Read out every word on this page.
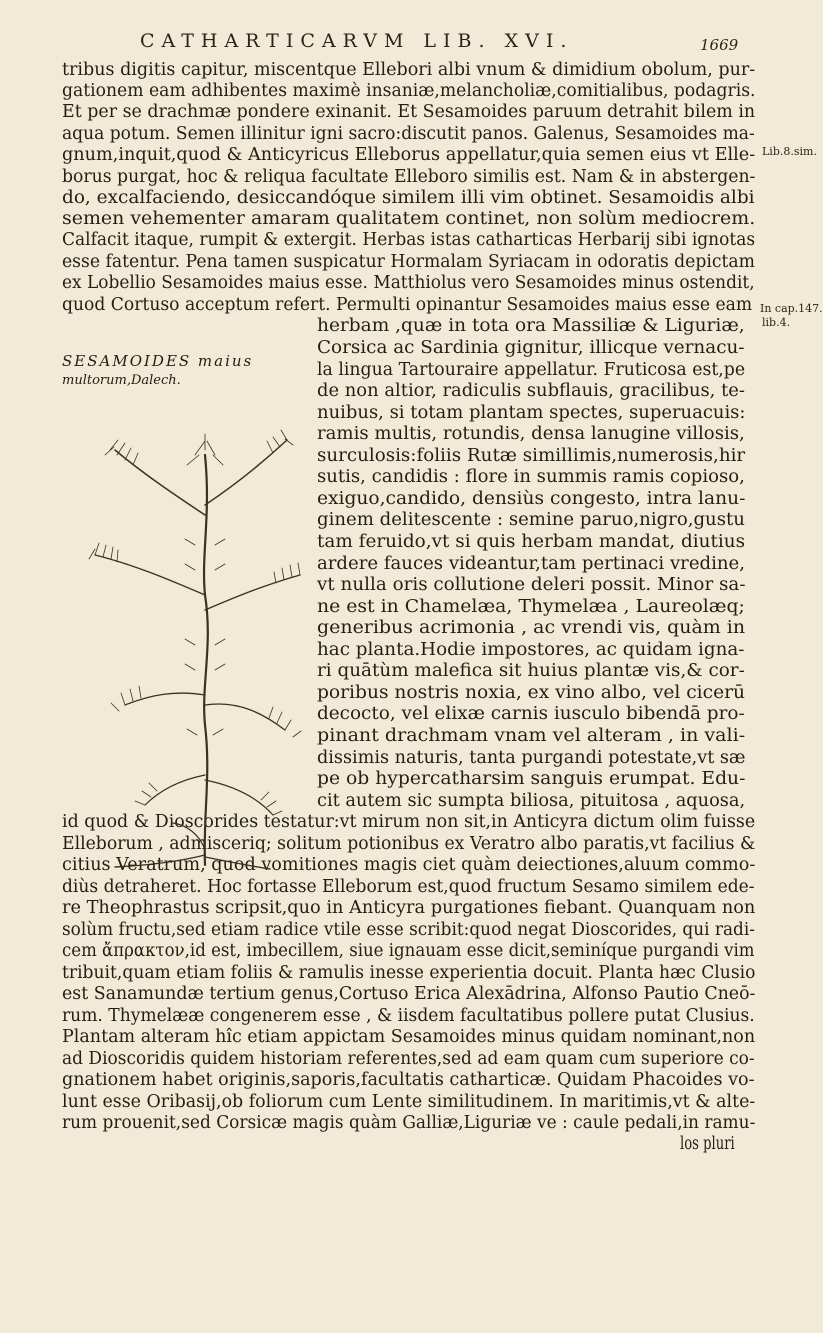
CATHARTICARVM LIB. XVI.	1669
tribus digitis capitur, miscentque Ellebori albi vnum & dimidium obolum, pur-
gationem eam adhibentes maximè insaniæ,melancholiæ,comitialibus, podagris.
Et per se drachmæ pondere exinanit. Et Sesamoides paruum detrahit bilem in
aqua potum. Semen illinitur igni sacro:discutit panos. Galenus, Sesamoides ma-
gnum,inquit,quod & Anticyricus Elleborus appellatur,quia semen eius vt Elle-
borus purgat, hoc & reliqua facultate Elleboro similis est. Nam & in abstergen-
do, excalfaciendo, desiccandóque similem illi vim obtinet. Sesamoidis albi
semen vehementer amaram qualitatem continet, non solùm mediocrem.
Calfacit itaque, rumpit & extergit. Herbas istas catharticas Herbarij sibi ignotas
esse fatentur. Pena tamen suspicatur Hormalam Syriacam in odoratis depictam
ex Lobellio Sesamoides maius esse. Matthiolus vero Sesamoides minus ostendit,
quod Cortuso acceptum refert. Permulti opinantur Sesamoides maius esse eam
herbam ,quæ in tota ora Massiliæ & Liguriæ,
Corsica ac Sardinia gignitur, illicque vernacu-
la lingua Tartouraire appellatur. Fruticosa est,pe
de non altior, radiculis subflauis, gracilibus, te-
nuibus, si totam plantam spectes, superuacuis:
ramis multis, rotundis, densa lanugine villosis,
surculosis:foliis Rutæ simillimis,numerosis,hir
sutis, candidis : flore in summis ramis copioso,
exiguo,candido, densiùs congesto, intra lanu-
ginem delitescente : semine paruo,nigro,gustu
tam feruido,vt si quis herbam mandat, diutius
ardere fauces videantur,tam pertinaci vredine,
vt nulla oris collutione deleri possit. Minor sa-
ne est in Chamelæa, Thymelæa , Laureolæq;
generibus acrimonia , ac vrendi vis, quàm in
hac planta.Hodie impostores, ac quidam igna-
ri quātùm malefica sit huius plantæ vis,& cor-
poribus nostris noxia, ex vino albo, vel cicerū
decocto, vel elixæ carnis iusculo bibendā pro-
pinant drachmam vnam vel alteram , in vali-
dissimis naturis, tanta purgandi potestate,vt sæ
pe ob hypercatharsim sanguis erumpat. Edu-
cit autem sic sumpta biliosa, pituitosa , aquosa,
id quod & Dioscorides testatur:vt mirum non sit,in Anticyra dictum olim fuisse
Elleborum , admisceriq; solitum potionibus ex Veratro albo paratis,vt facilius &
citius Veratrum, quod vomitiones magis ciet quàm deiectiones,aluum commo-
diùs detraheret. Hoc fortasse Elleborum est,quod fructum Sesamo similem ede-
re Theophrastus scripsit,quo in Anticyra purgationes fiebant. Quanquam non
solùm fructu,sed etiam radice vtile esse scribit:quod negat Dioscorides, qui radi-
cem ἄπρακτον,id est, imbecillem, siue ignauam esse dicit,seminíque purgandi vim
tribuit,quam etiam foliis & ramulis inesse experientia docuit. Planta hæc Clusio
est Sanamundæ tertium genus,Cortuso Erica Alexādrina, Alfonso Pautio Cneō-
rum. Thymelææ congenerem esse , & iisdem facultatibus pollere putat Clusius.
Plantam alteram hîc etiam appictam Sesamoides minus quidam nominant,non
ad Dioscoridis quidem historiam referentes,sed ad eam quam cum superiore co-
gnationem habet originis,saporis,facultatis catharticæ. Quidam Phacoides vo-
lunt esse Oribasij,ob foliorum cum Lente similitudinem. In maritimis,vt & alte-
rum prouenit,sed Corsicæ magis quàm Galliæ,Liguriæ ve : caule pedali,in ramu-
los pluri
Lib.8.sim.
In cap.147.
lib.4.
SESAMOIDES maius
multorum,Dalech.
